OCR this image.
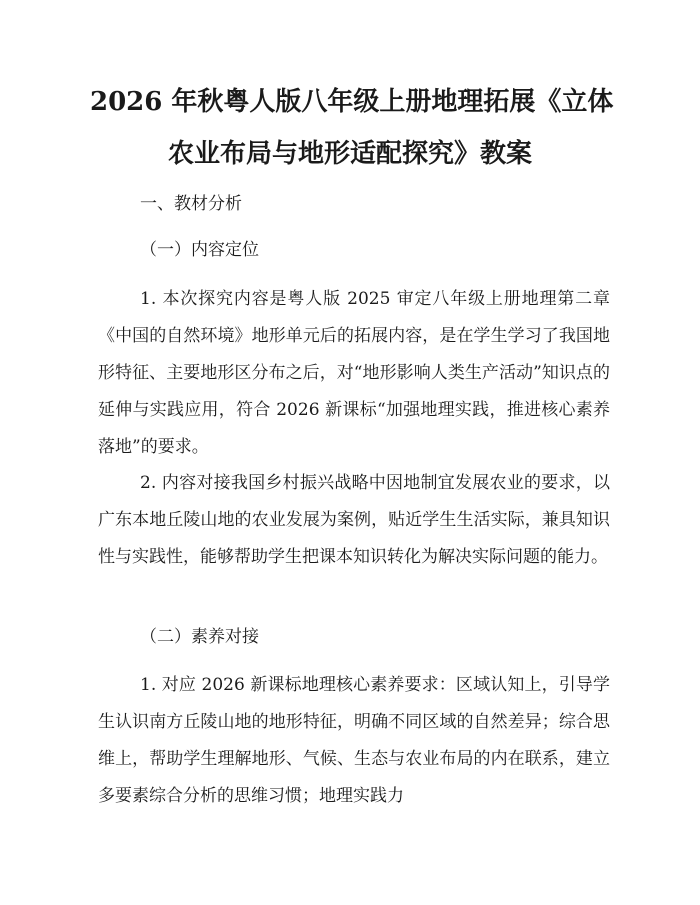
2026 年秋粤人版八年级上册地理拓展《立体
农业布局与地形适配探究》教案

一、教材分析

（一）内容定位

1. 本次探究内容是粤人版 2025 审定八年级上册地理第二章《中国的自然环境》地形单元后的拓展内容，是在学生学习了我国地形特征、主要地形区分布之后，对“地形影响人类生产活动”知识点的延伸与实践应用，符合 2026 新课标“加强地理实践，推进核心素养落地”的要求。

2. 内容对接我国乡村振兴战略中因地制宜发展农业的要求，以广东本地丘陵山地的农业发展为案例，贴近学生生活实际，兼具知识性与实践性，能够帮助学生把课本知识转化为解决实际问题的能力。

（二）素养对接

1. 对应 2026 新课标地理核心素养要求：区域认知上，引导学生认识南方丘陵山地的地形特征，明确不同区域的自然差异；综合思维上，帮助学生理解地形、气候、生态与农业布局的内在联系，建立多要素综合分析的思维习惯；地理实践力
